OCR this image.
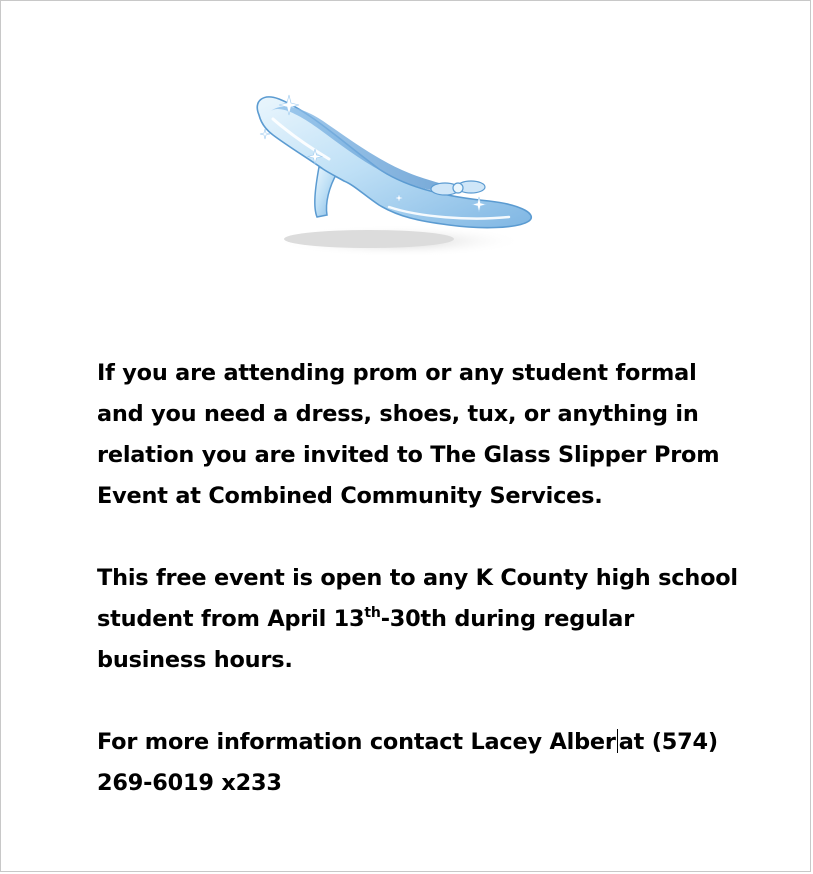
If you are attending prom or any student formal
and you need a dress, shoes, tux, or anything in
relation you are invited to The Glass Slipper Prom
Event at Combined Community Services.

This free event is open to any K County high school
student from April 13th-30th during regular
business hours.

For more information contact Lacey Alber at (574)
269-6019 x233
